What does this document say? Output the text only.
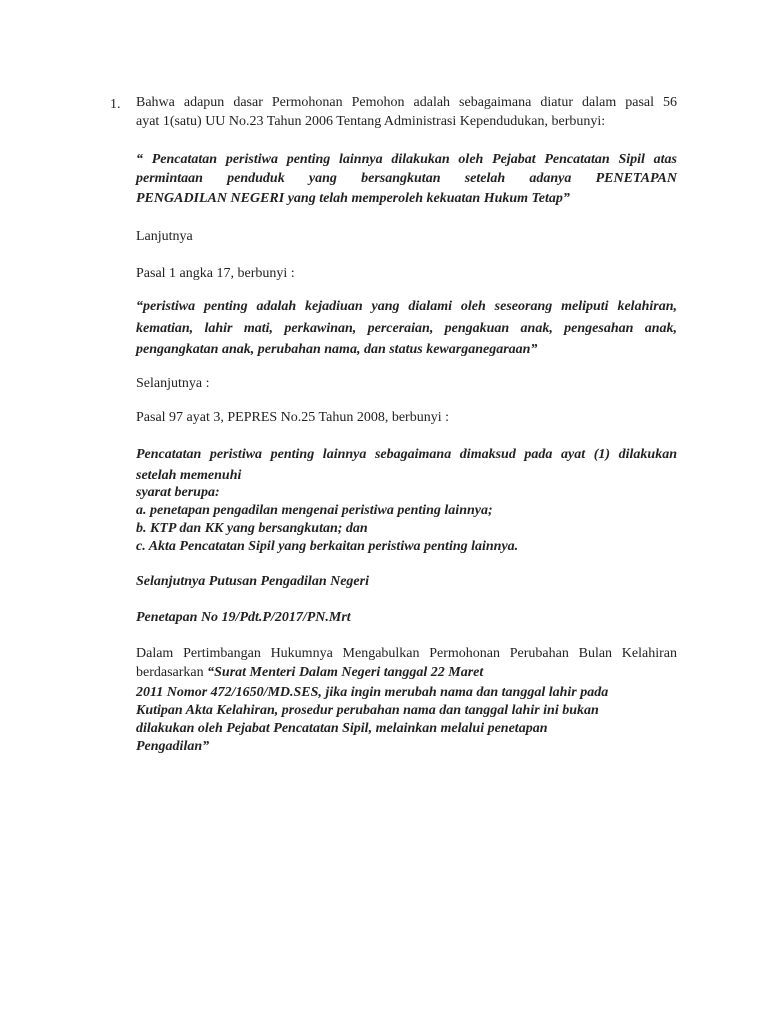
1. Bahwa adapun dasar Permohonan Pemohon adalah sebagaimana diatur dalam pasal 56
ayat 1(satu) UU No.23 Tahun 2006 Tentang Administrasi Kependudukan, berbunyi:
“ Pencatatan peristiwa penting lainnya dilakukan oleh Pejabat Pencatatan Sipil atas
permintaan penduduk yang bersangkutan setelah adanya PENETAPAN
PENGADILAN NEGERI yang telah memperoleh kekuatan Hukum Tetap”
Lanjutnya
Pasal 1 angka 17, berbunyi :
“peristiwa penting adalah kejadiuan yang dialami oleh seseorang meliputi kelahiran,
kematian, lahir mati, perkawinan, perceraian, pengakuan anak, pengesahan anak,
pengangkatan anak, perubahan nama, dan status kewarganegaraan”
Selanjutnya :
Pasal 97 ayat 3, PEPRES No.25 Tahun 2008, berbunyi :
Pencatatan peristiwa penting lainnya sebagaimana dimaksud pada ayat (1) dilakukan
setelah memenuhi
syarat berupa:
a. penetapan pengadilan mengenai peristiwa penting lainnya;
b. KTP dan KK yang bersangkutan; dan
c. Akta Pencatatan Sipil yang berkaitan peristiwa penting lainnya.
Selanjutnya Putusan Pengadilan Negeri
Penetapan No 19/Pdt.P/2017/PN.Mrt
Dalam Pertimbangan Hukumnya Mengabulkan Permohonan Perubahan Bulan Kelahiran
berdasarkan “Surat Menteri Dalam Negeri tanggal 22 Maret
2011 Nomor 472/1650/MD.SES, jika ingin merubah nama dan tanggal lahir pada
Kutipan Akta Kelahiran, prosedur perubahan nama dan tanggal lahir ini bukan
dilakukan oleh Pejabat Pencatatan Sipil, melainkan melalui penetapan
Pengadilan”
